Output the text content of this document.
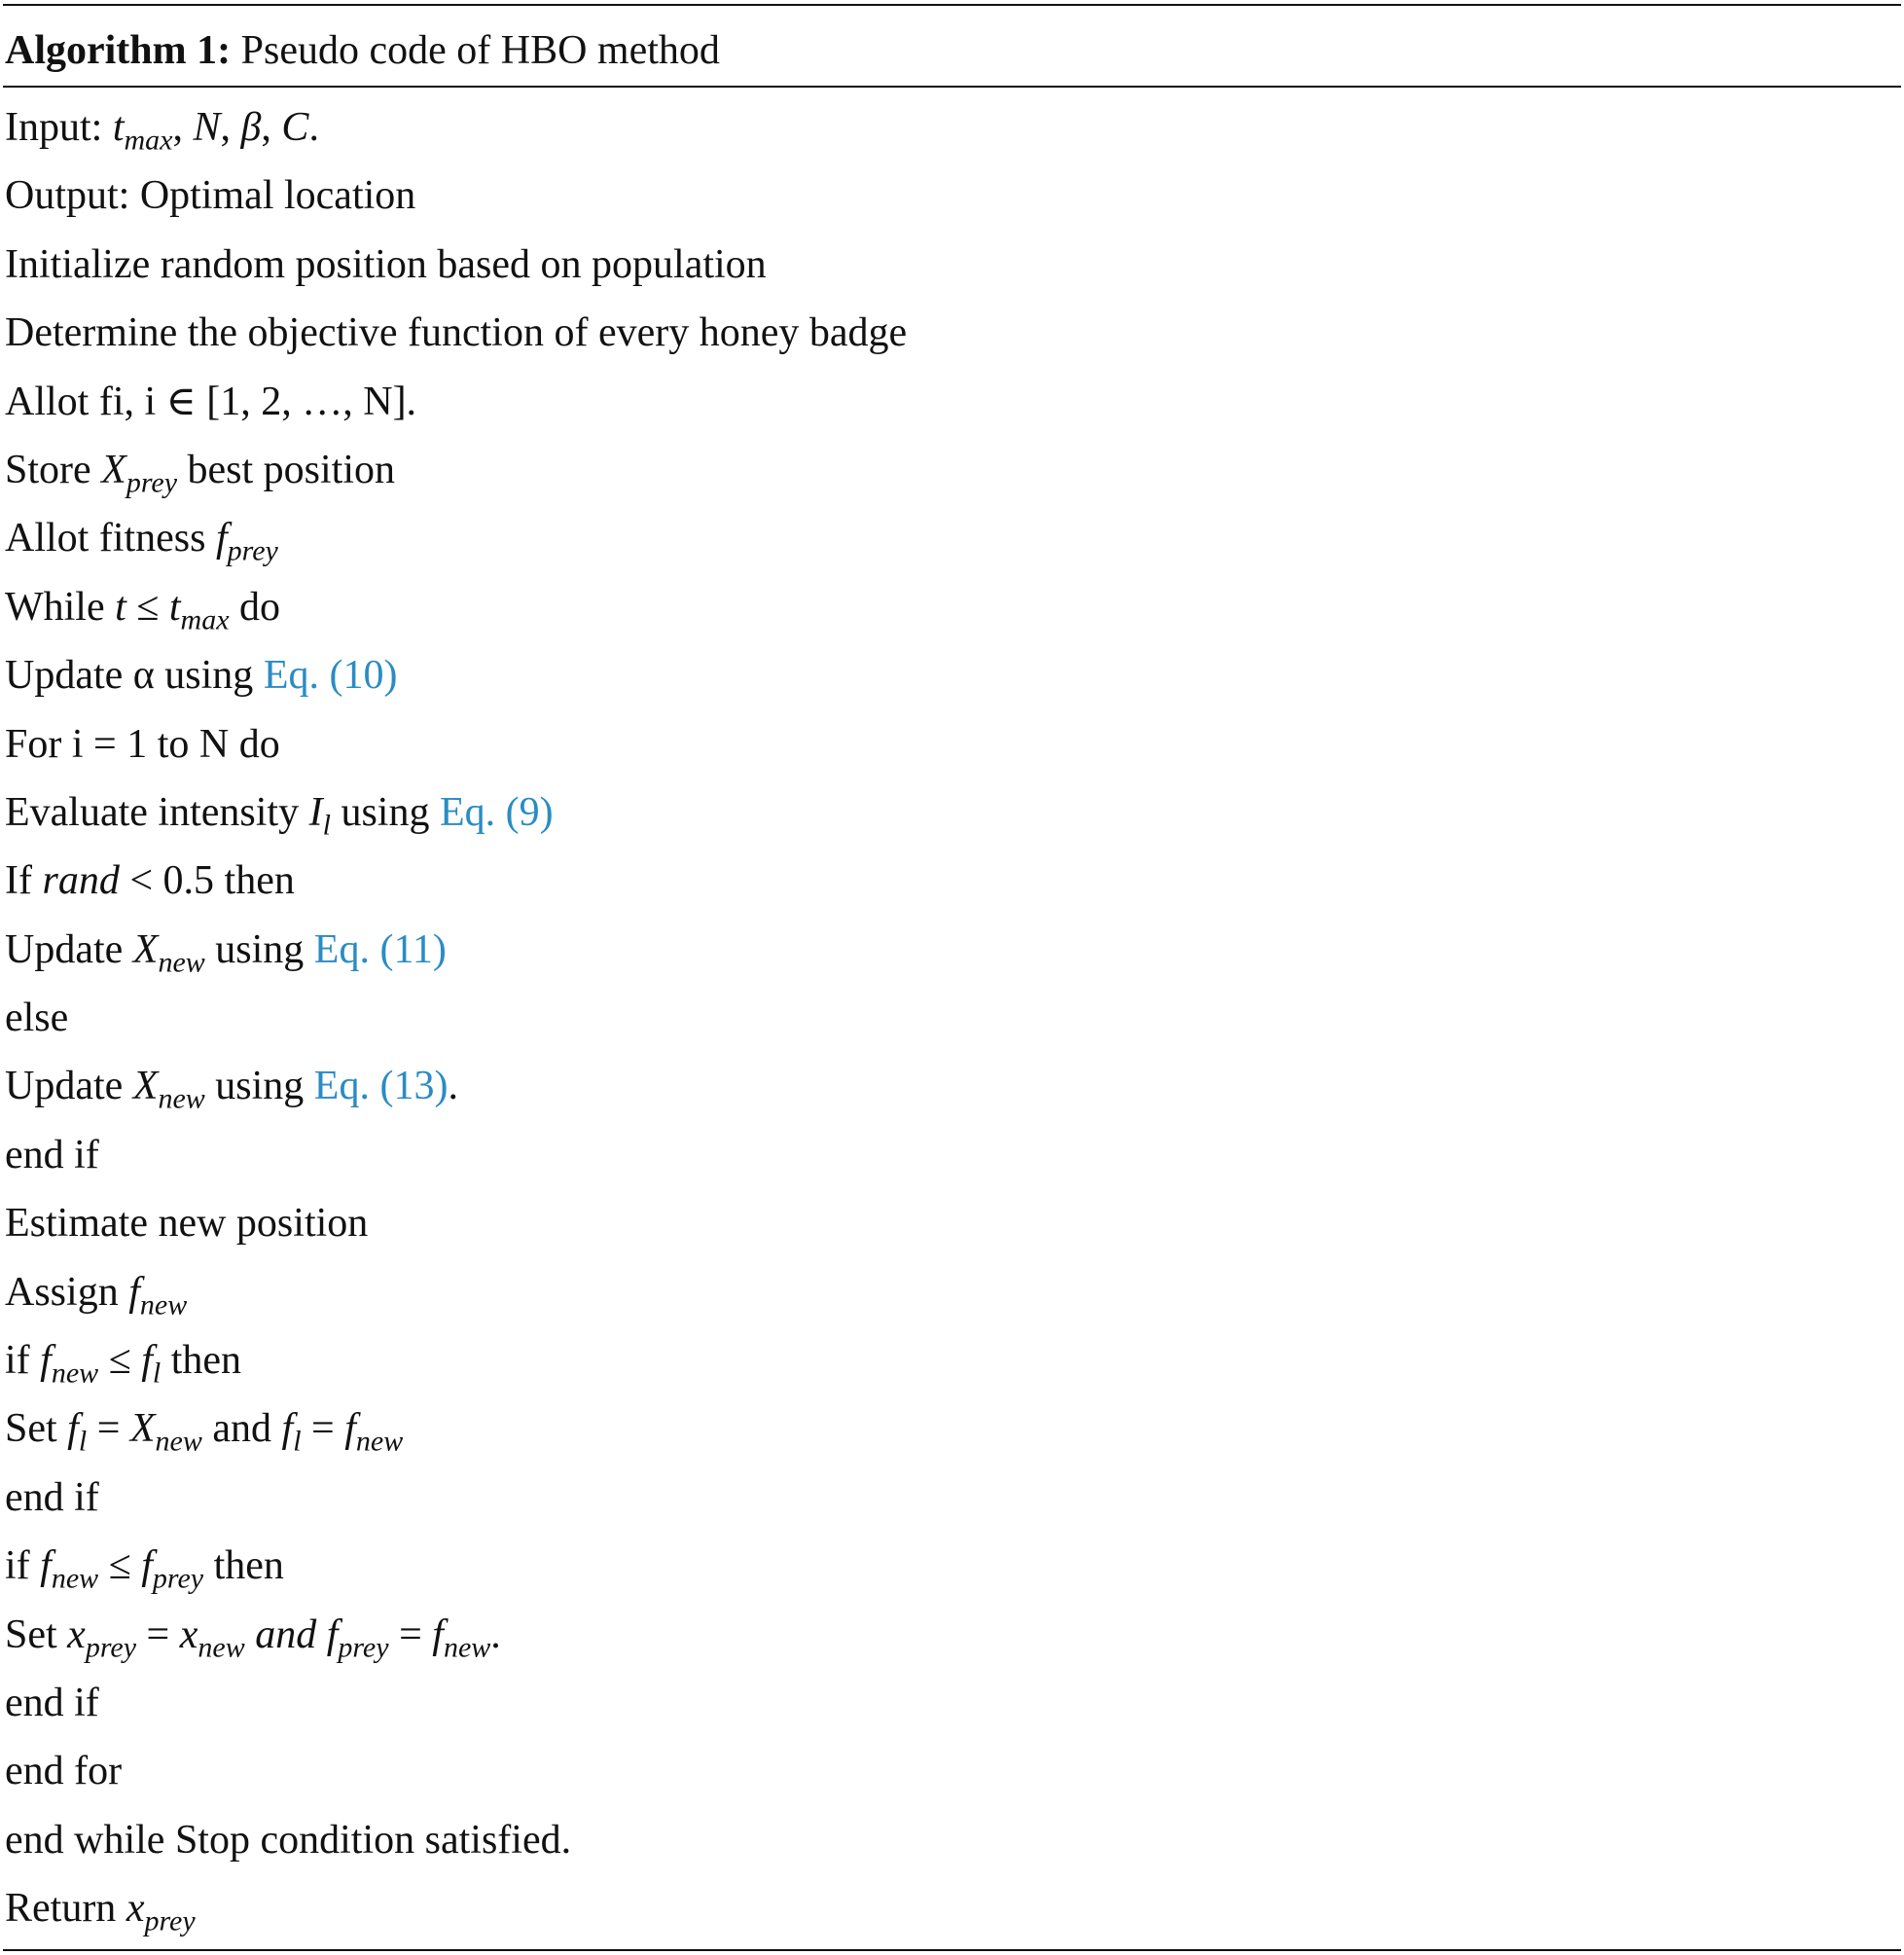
Algorithm 1: Pseudo code of HBO method
Input: $t_{max}$, N, β, C.
Output: Optimal location
Initialize random position based on population
Determine the objective function of every honey badge
Allot fi, i ∈ [1, 2, …, N].
Store $X_{prey}$ best position
Allot fitness $f_{prey}$
While $t \le t_{max}$ do
Update α using Eq. (10)
For i = 1 to N do
Evaluate intensity $I_l$ using Eq. (9)
If rand < 0.5 then
Update $X_{new}$ using Eq. (11)
else
Update $X_{new}$ using Eq. (13).
end if
Estimate new position
Assign $f_{new}$
if $f_{new} \le f_l$ then
Set $f_l = X_{new}$ and $f_l = f_{new}$
end if
if $f_{new} \le f_{prey}$ then
Set $x_{prey} = x_{new}$ and $f_{prey} = f_{new}$.
end if
end for
end while Stop condition satisfied.
Return $x_{prey}$
